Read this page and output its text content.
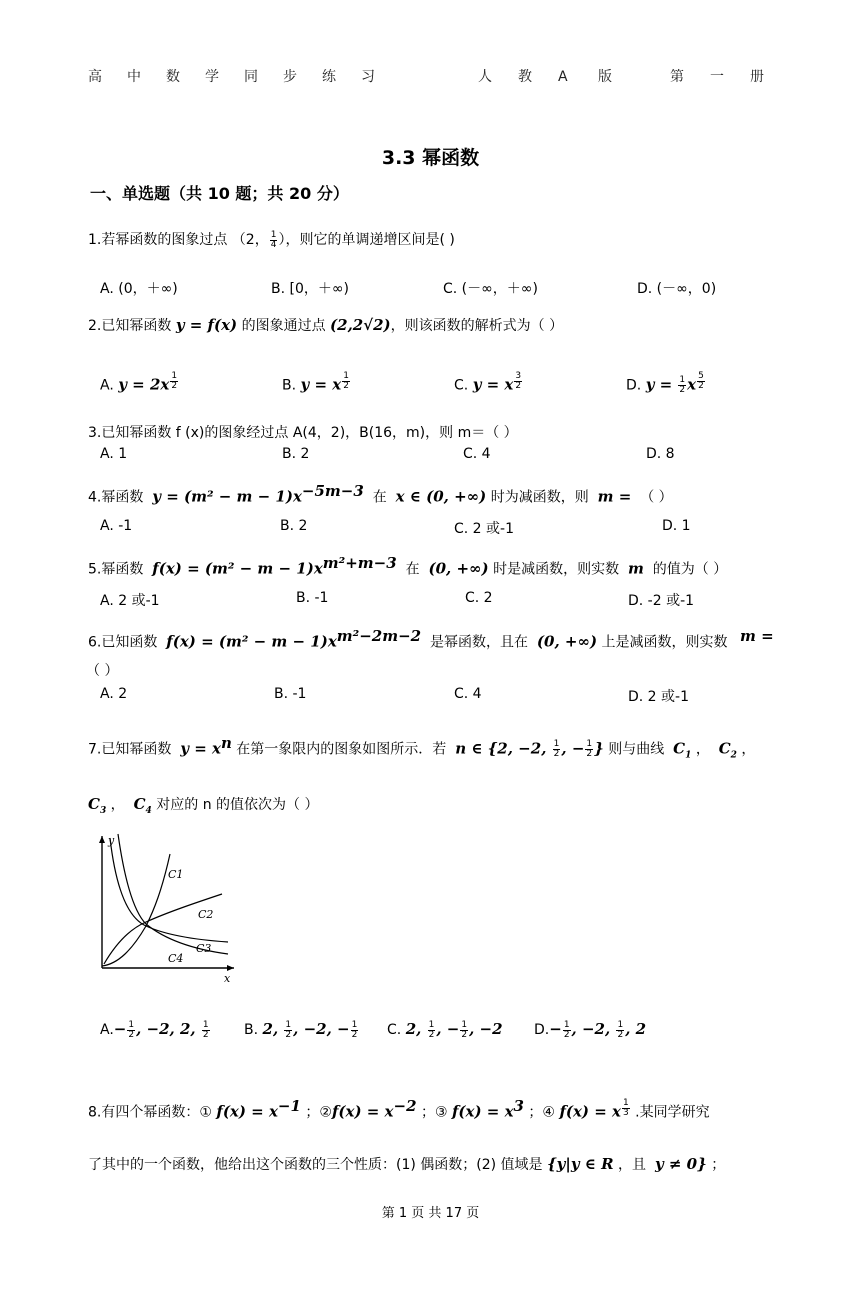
高 中 数 学 同 步 练 习	人 教 A 版	第 一 册
3.3 幂函数
一、单选题（共 10 题；共 20 分）
1.若幂函数的图象过点 （2， $\frac{1}{4}$ ），则它的单调递增区间是( )
A. (0，＋∞)	B. [0，＋∞)	C. (－∞，＋∞)	D. (－∞，0)
2.已知幂函数 y = f(x) 的图象通过点 (2,2√2)，则该函数的解析式为（ ）
A. y = 2x $^{\frac{1}{2}}$	B. y = x $^{\frac{1}{2}}$	C. y = x $^{\frac{3}{2}}$	D. $y = \frac{1}{2}$ x $^{\frac{5}{2}}$
3.已知幂函数 f (x)的图象经过点 A(4，2)，B(16，m)，则 m＝（ ）
A. 1	B. 2	C. 4	D. 8
4.幂函数 $y = (m^2 - m - 1)x^{-5m-3}$ 在 x ∈ (0, +∞) 时为减函数，则 m = （ ）
A. -1	B. 2	C. 2 或-1	D. 1
5.幂函数 $f(x) = (m^2 - m - 1)x^{m^2+m-3}$ 在 (0, +∞) 时是减函数，则实数 m 的值为（ ）
A. 2 或-1	B. -1	C. 2	D. -2 或-1
6.已知函数 $f(x) = (m^2 - m - 1)x^{m^2-2m-2}$ 是幂函数，且在 (0, +∞) 上是减函数，则实数 m =
（ ）
A. 2	B. -1	C. 4	D. 2 或-1
7.已知幂函数 $y = x^n$ 在第一象限内的图象如图所示．若 n ∈ {2, −2, $\frac{1}{2}$ , − $\frac{1}{2}$ } 则与曲线 $C_1$ ， $C_2$ ，
$C_3$ ， $C_4$ 对应的 n 的值依次为（ ）
y
x
C1
C2
C3
C4
$A.- \frac{1}{2}$ , −2, 2, $\frac{1}{2} B$. 2, $\frac{1}{2}$ , −2, − $\frac{1}{2} C$. 2, $\frac{1}{2}$ , − $\frac{1}{2}$ , −2 $D.- \frac{1}{2}$ , −2, $\frac{1}{2}$ , 2
8.有四个幂函数：① $f(x) = x^{-1}$ ；②f(x) = $x^{-2}$ ；③ $f(x) = x^3$ ；④ f(x) = x $^{\frac{1}{3}}$ .某同学研究
了其中的一个函数，他给出这个函数的三个性质：(1) 偶函数；(2) 值域是 {y|y ∈ R ，且 y ≠ 0} ；
第 1 页 共 17 页
